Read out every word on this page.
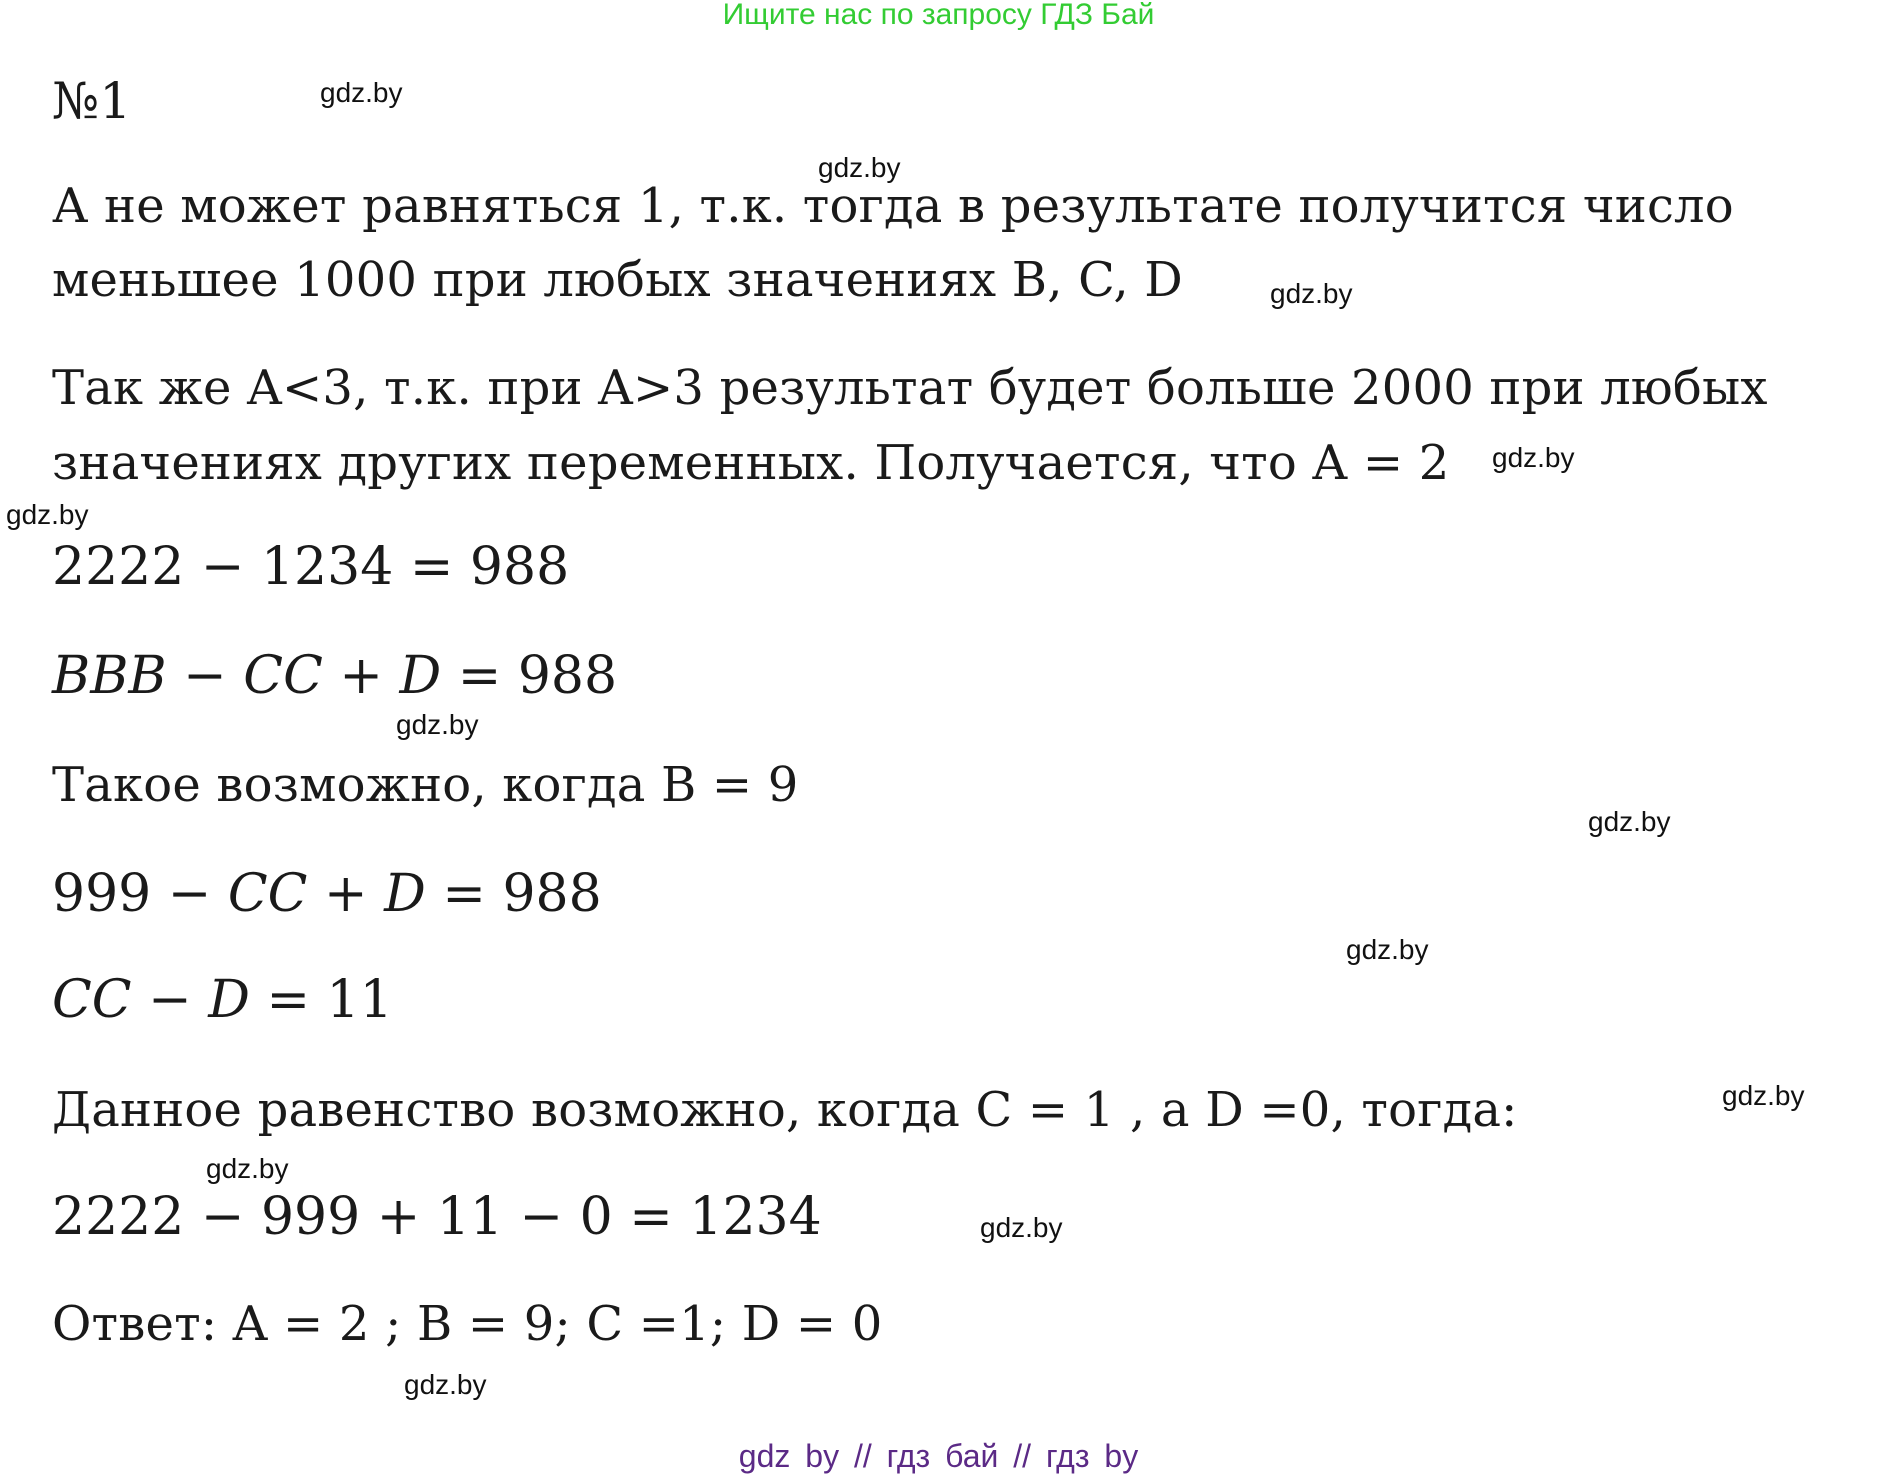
Ищите нас по запросу ГДЗ Бай
№1
А не может равняться 1, т.к. тогда в результате получится число
меньшее 1000 при любых значениях B, C, D
Так же A<3, т.к. при A>3 результат будет больше 2000 при любых
значениях других переменных. Получается, что A = 2
2222 − 1234 = 988
BBB − CC + D = 988
Такое возможно, когда B = 9
999 − CC + D = 988
CC − D = 11
Данное равенство возможно, когда C = 1 , а D =0, тогда:
2222 − 999 + 11 − 0 = 1234
Ответ: A = 2 ; B = 9; C =1; D = 0
gdz.by
gdz.by
gdz.by
gdz.by
gdz.by
gdz.by
gdz.by
gdz.by
gdz.by
gdz.by
gdz.by
gdz.by
gdz by // гдз бай // гдз by
